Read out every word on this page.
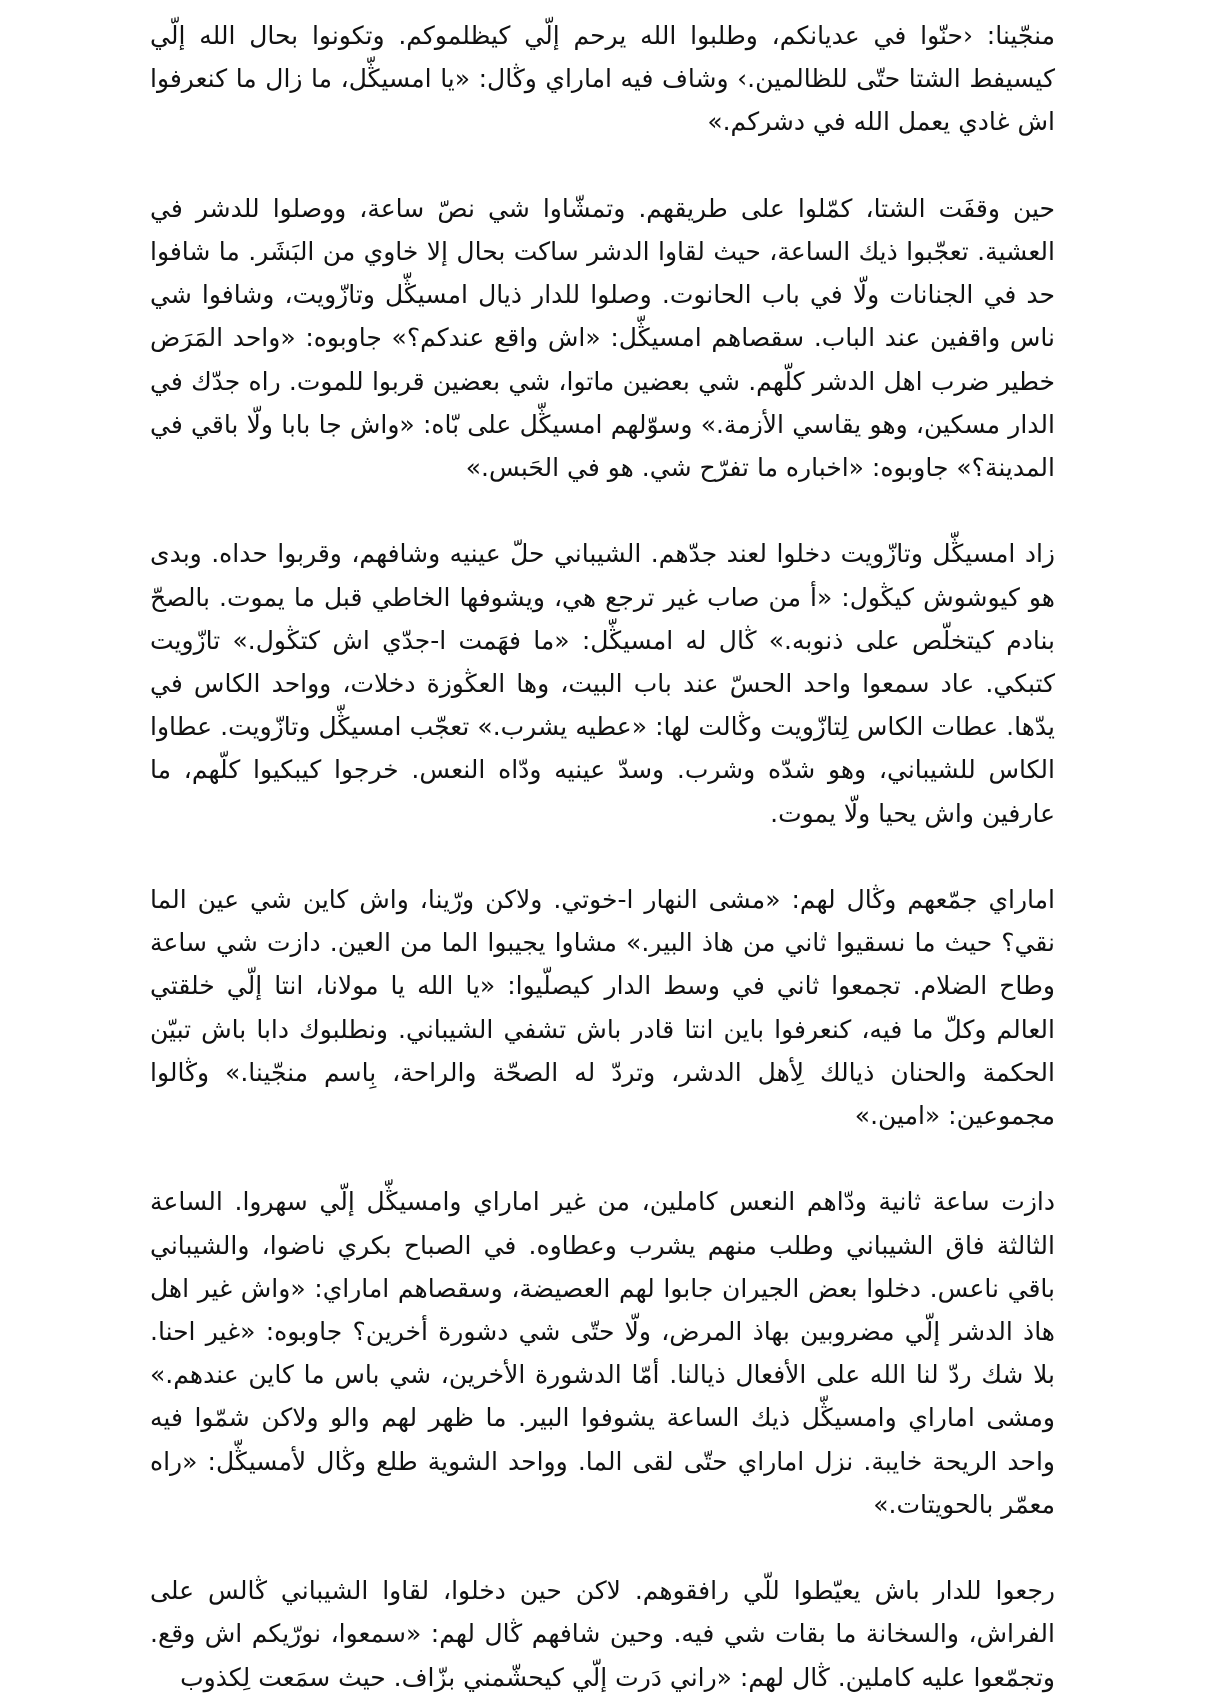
منجّينا: ‹حنّوا في عديانكم، وطلبوا الله يرحم إلّي كيظلموكم. وتكونوا بحال الله إلّي كيسيفط الشتا حتّى للظالمين.› وشاف فيه اماراي وڭال: «يا امسيڭّل، ما زال ما كنعرفوا اش غادي يعمل الله في دشركم.»

حين وقفَت الشتا، كمّلوا على طريقهم. وتمشّاوا شي نصّ ساعة، ووصلوا للدشر في العشية. تعجّبوا ذيك الساعة، حيث لقاوا الدشر ساكت بحال إلا خاوي من البَشَر. ما شافوا حد في الجنانات ولّا في باب الحانوت. وصلوا للدار ذيال امسيڭّل وتازّويت، وشافوا شي ناس واقفين عند الباب. سقصاهم امسيڭّل: «اش واقع عندكم؟» جاوبوه: «واحد المَرَض خطير ضرب اهل الدشر كلّهم. شي بعضين ماتوا، شي بعضين قربوا للموت. راه جدّك في الدار مسكين، وهو يقاسي الأزمة.» وسوّلهم امسيڭّل على بّاه: «واش جا بابا ولّا باقي في المدينة؟» جاوبوه: «اخباره ما تفرّح شي. هو في الحَبس.»

زاد امسيڭّل وتازّويت دخلوا لعند جدّهم. الشيباني حلّ عينيه وشافهم، وقربوا حداه. وبدى هو كيوشوش كيڭول: «أ من صاب غير ترجع هي، ويشوفها الخاطي قبل ما يموت. بالصحّ بنادم كيتخلّص على ذنوبه.» ڭال له امسيڭّل: «ما فهَمت ا-جدّي اش كتڭول.» تازّويت كتبكي. عاد سمعوا واحد الحسّ عند باب البيت، وها العڭوزة دخلات، وواحد الكاس في يدّها. عطات الكاس لِتازّويت وڭالت لها: «عطيه يشرب.» تعجّب امسيڭّل وتازّويت. عطاوا الكاس للشيباني، وهو شدّه وشرب. وسدّ عينيه ودّاه النعس. خرجوا كيبكيوا كلّهم، ما عارفين واش يحيا ولّا يموت.

اماراي جمّعهم وڭال لهم: «مشى النهار ا-خوتي. ولاكن ورّينا، واش كاين شي عين الما نقي؟ حيث ما نسقيوا ثاني من هاذ البير.» مشاوا يجيبوا الما من العين. دازت شي ساعة وطاح الضلام. تجمعوا ثاني في وسط الدار كيصلّيوا: «يا الله يا مولانا، انتا إلّي خلقتي العالم وكلّ ما فيه، كنعرفوا باين انتا قادر باش تشفي الشيباني. ونطلبوك دابا باش تبيّن الحكمة والحنان ذيالك لِأهل الدشر، وتردّ له الصحّة والراحة، بِاسم منجّينا.» وڭالوا مجموعين: «امين.»

دازت ساعة ثانية ودّاهم النعس كاملين، من غير اماراي وامسيڭّل إلّي سهروا. الساعة الثالثة فاق الشيباني وطلب منهم يشرب وعطاوه. في الصباح بكري ناضوا، والشيباني باقي ناعس. دخلوا بعض الجيران جابوا لهم العصيضة، وسقصاهم اماراي: «واش غير اهل هاذ الدشر إلّي مضروبين بهاذ المرض، ولّا حتّى شي دشورة أخرين؟ جاوبوه: «غير احنا. بلا شك ردّ لنا الله على الأفعال ذيالنا. أمّا الدشورة الأخرين، شي باس ما كاين عندهم.» ومشى اماراي وامسيڭّل ذيك الساعة يشوفوا البير. ما ظهر لهم والو ولاكن شمّوا فيه واحد الريحة خايبة. نزل اماراي حتّى لقى الما. وواحد الشوية طلع وڭال لأمسيڭّل: «راه معمّر بالحويتات.»

رجعوا للدار باش يعيّطوا للّي رافقوهم. لاكن حين دخلوا، لقاوا الشيباني ڭالس على الفراش، والسخانة ما بقات شي فيه. وحين شافهم ڭال لهم: «سمعوا، نورّيكم اش وقع. وتجمّعوا عليه كاملين. ڭال لهم: «راني دَرت إلّي كيحشّمني بزّاف. حيث سمَعت لِكذوب
